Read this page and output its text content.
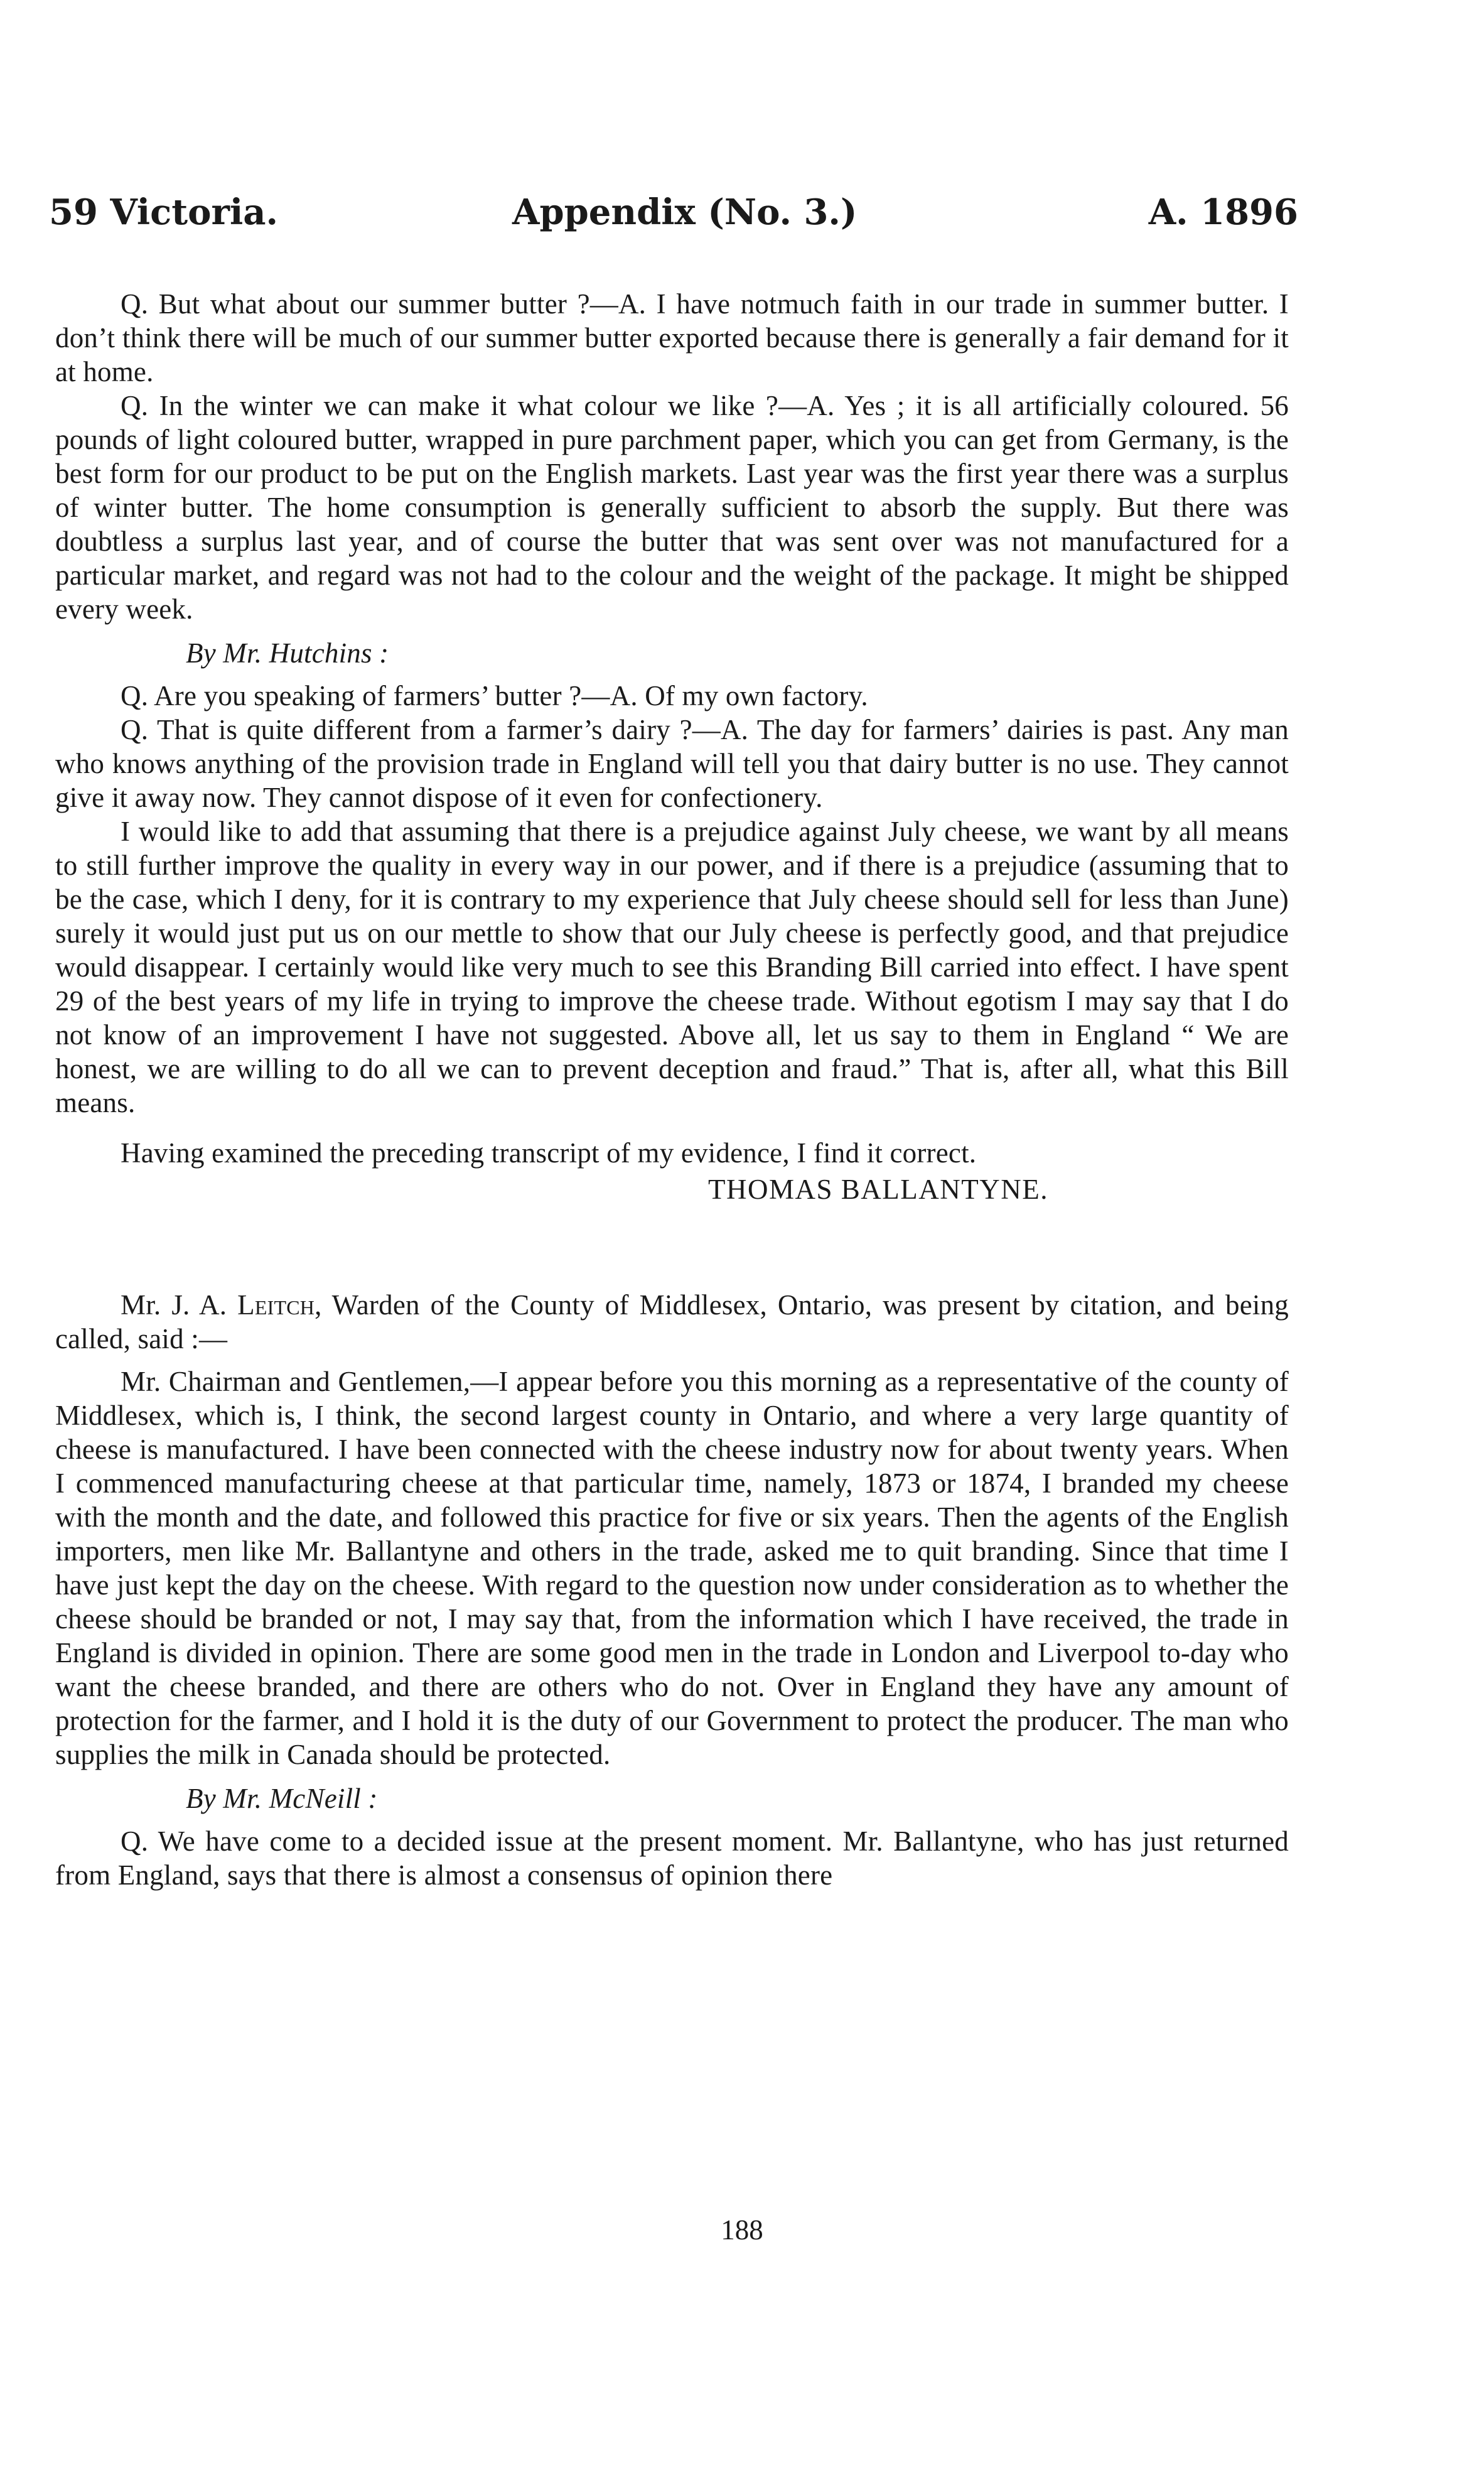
59 Victoria.	Appendix (No. 3.)	A. 1896

Q. But what about our summer butter ?—A. I have notmuch faith in our trade in summer butter. I don’t think there will be much of our summer butter exported because there is generally a fair demand for it at home.

Q. In the winter we can make it what colour we like ?—A. Yes ; it is all artificially coloured. 56 pounds of light coloured butter, wrapped in pure parchment paper, which you can get from Germany, is the best form for our product to be put on the English markets. Last year was the first year there was a surplus of winter butter. The home consumption is generally sufficient to absorb the supply. But there was doubtless a surplus last year, and of course the butter that was sent over was not manufactured for a particular market, and regard was not had to the colour and the weight of the package. It might be shipped every week.

By Mr. Hutchins :

Q. Are you speaking of farmers’ butter ?—A. Of my own factory.

Q. That is quite different from a farmer’s dairy ?—A. The day for farmers’ dairies is past. Any man who knows anything of the provision trade in England will tell you that dairy butter is no use. They cannot give it away now. They cannot dispose of it even for confectionery.

I would like to add that assuming that there is a prejudice against July cheese, we want by all means to still further improve the quality in every way in our power, and if there is a prejudice (assuming that to be the case, which I deny, for it is contrary to my experience that July cheese should sell for less than June) surely it would just put us on our mettle to show that our July cheese is perfectly good, and that prejudice would disappear. I certainly would like very much to see this Branding Bill carried into effect. I have spent 29 of the best years of my life in trying to improve the cheese trade. Without egotism I may say that I do not know of an improvement I have not suggested. Above all, let us say to them in England “ We are honest, we are willing to do all we can to prevent deception and fraud.” That is, after all, what this Bill means.

Having examined the preceding transcript of my evidence, I find it correct.

THOMAS BALLANTYNE.

Mr. J. A. Leitch, Warden of the County of Middlesex, Ontario, was present by citation, and being called, said :—

Mr. Chairman and Gentlemen,—I appear before you this morning as a representative of the county of Middlesex, which is, I think, the second largest county in Ontario, and where a very large quantity of cheese is manufactured. I have been connected with the cheese industry now for about twenty years. When I commenced manufacturing cheese at that particular time, namely, 1873 or 1874, I branded my cheese with the month and the date, and followed this practice for five or six years. Then the agents of the English importers, men like Mr. Ballantyne and others in the trade, asked me to quit branding. Since that time I have just kept the day on the cheese. With regard to the question now under consideration as to whether the cheese should be branded or not, I may say that, from the information which I have received, the trade in England is divided in opinion. There are some good men in the trade in London and Liverpool to-day who want the cheese branded, and there are others who do not. Over in England they have any amount of protection for the farmer, and I hold it is the duty of our Government to protect the producer. The man who supplies the milk in Canada should be protected.

By Mr. McNeill :

Q. We have come to a decided issue at the present moment. Mr. Ballantyne, who has just returned from England, says that there is almost a consensus of opinion there

188
